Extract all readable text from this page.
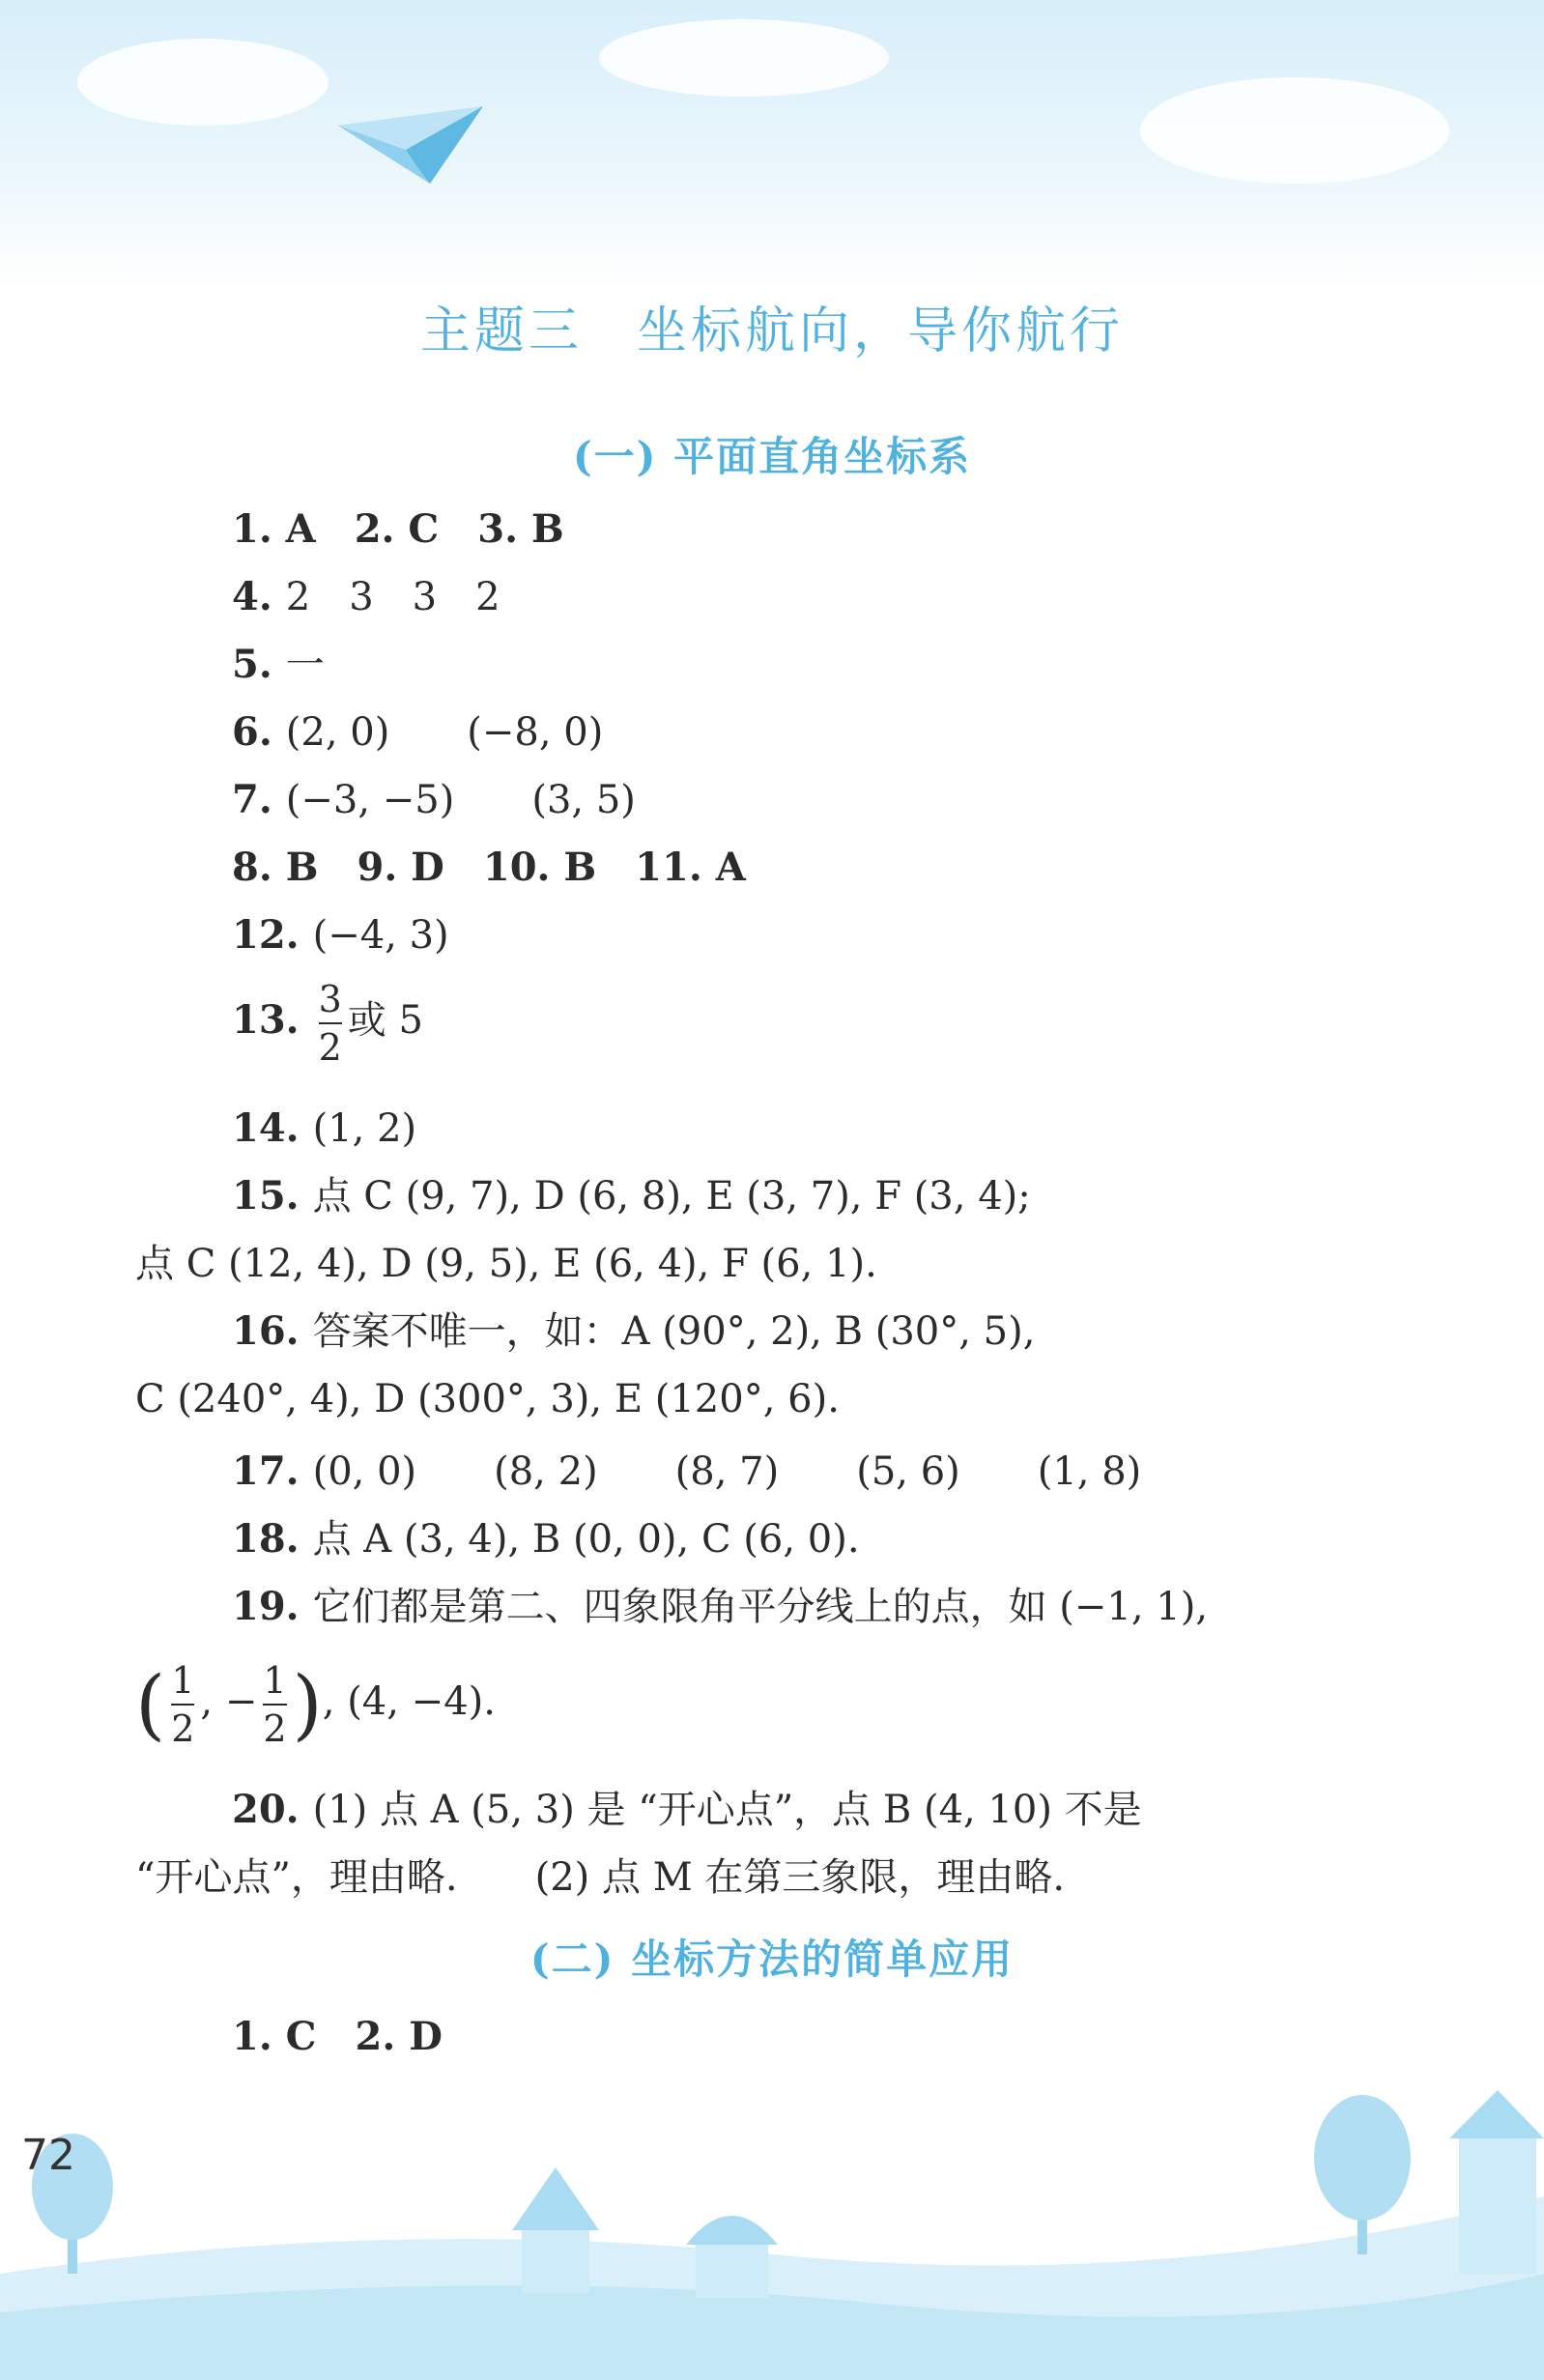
主题三　坐标航向，导你航行
(一) 平面直角坐标系
1. A　2. C　3. B
4. 2　3　3　2
5. 一
6. (2, 0)　　(−8, 0)
7. (−3, −5)　　(3, 5)
8. B　9. D　10. B　11. A
12. (−4, 3)
13. $\frac{3}{2}$ 或 5
14. (1, 2)
15. 点 C (9, 7), D (6, 8), E (3, 7), F (3, 4);
点 C (12, 4), D (9, 5), E (6, 4), F (6, 1).
16. 答案不唯一，如：A (90°, 2), B (30°, 5),
C (240°, 4), D (300°, 3), E (120°, 6).
17. (0, 0)　　(8, 2)　　(8, 7)　　(5, 6)　　(1, 8)
18. 点 A (3, 4), B (0, 0), C (6, 0).
19. 它们都是第二、四象限角平分线上的点，如 (−1, 1),
( $\frac{1}{2}$ , − $\frac{1}{2}$ ), (4, −4).
20. (1) 点 A (5, 3) 是 “开心点”，点 B (4, 10) 不是
“开心点”，理由略.　　(2) 点 M 在第三象限，理由略.
(二) 坐标方法的简单应用
1. C　2. D
72
